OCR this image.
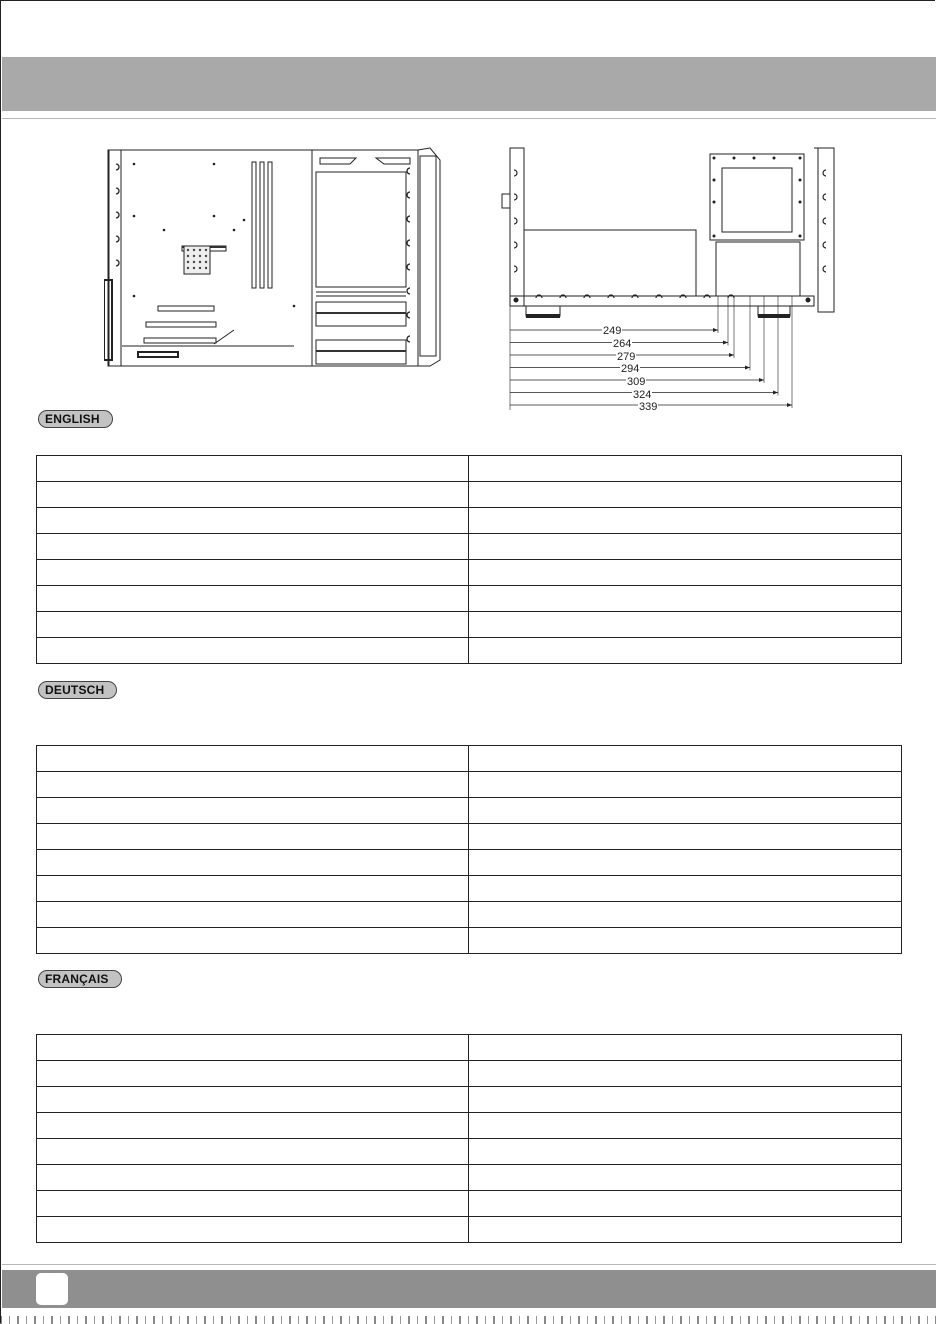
249
264
279
294
309
324
339
ENGLISH

DEUTSCH

FRANÇAIS
